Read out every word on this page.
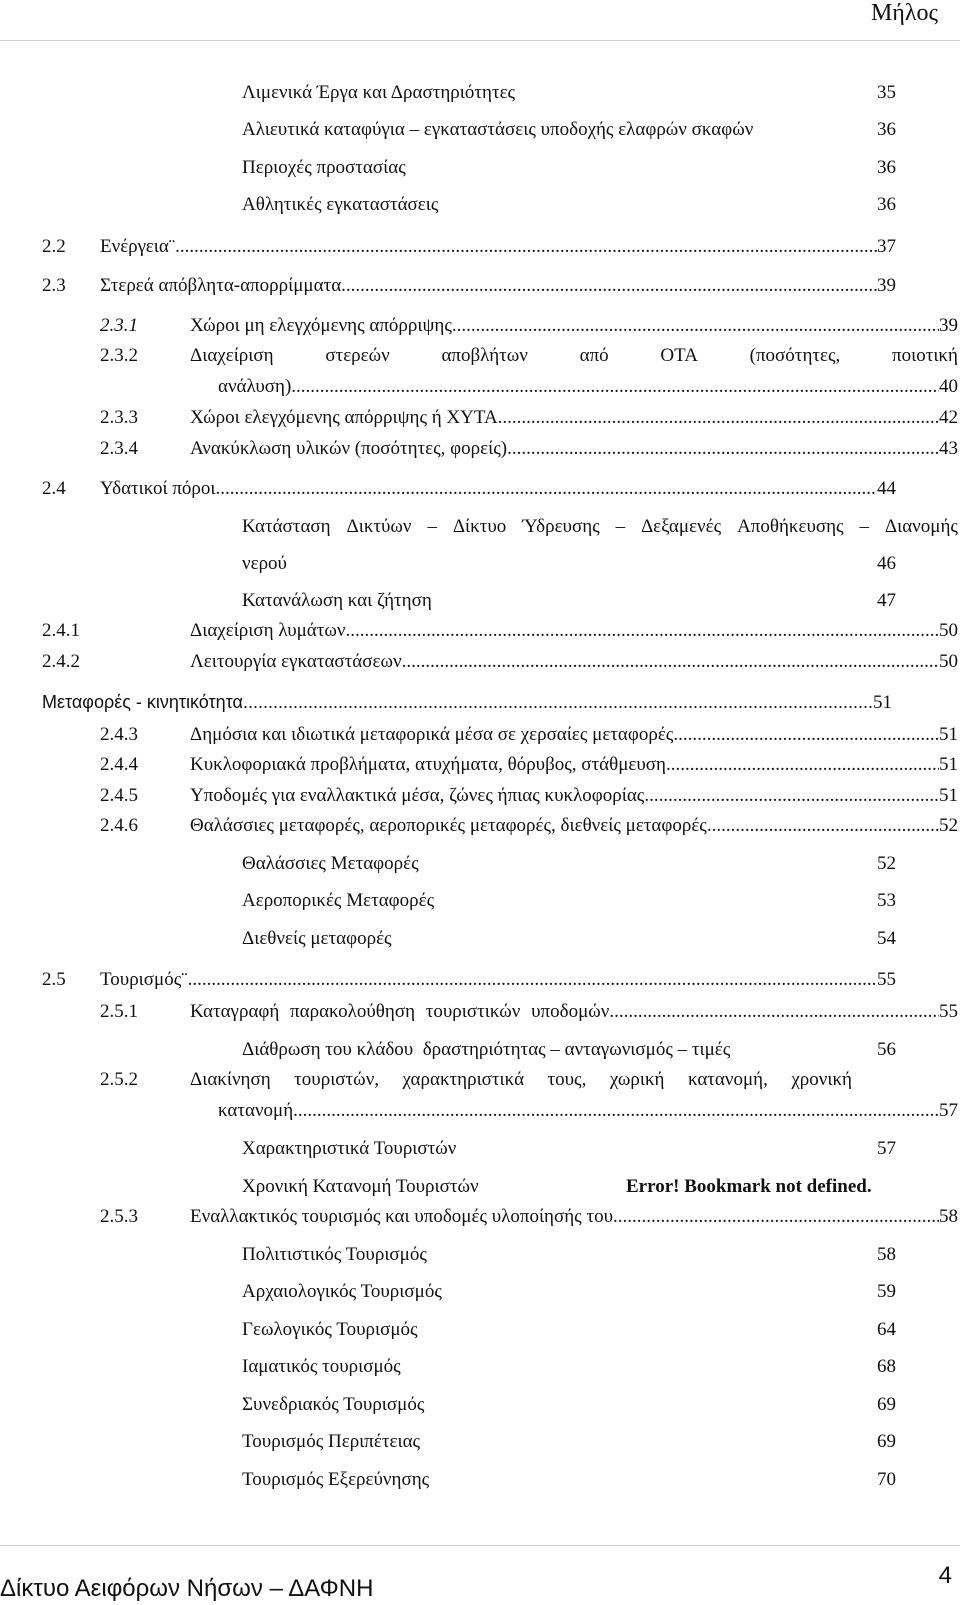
Μήλος
Λιμενικά Έργα και Δραστηριότητες	35
Αλιευτικά καταφύγια – εγκαταστάσεις υποδοχής ελαφρών σκαφών	36
Περιοχές προστασίας	36
Αθλητικές εγκαταστάσεις	36
2.2	Ενέργεια¨ .....	37
2.3	Στερεά απόβλητα-απορρίμματα .....	39
2.3.1	Χώροι μη ελεγχόμενης απόρριψης .....	39
2.3.2	Διαχείριση	στερεών	αποβλήτων	από	ΟΤΑ	(ποσότητες,	ποιοτική
ανάλυση) .....	40
2.3.3	Χώροι ελεγχόμενης απόρριψης ή ΧΥΤΑ .....	42
2.3.4	Ανακύκλωση υλικών (ποσότητες, φορείς) .....	43
2.4	Υδατικοί πόροι .....	44
Κατάσταση Δικτύων – Δίκτυο Ύδρευσης – Δεξαμενές Αποθήκευσης – Διανομής
νερού	46
Κατανάλωση και ζήτηση	47
2.4.1	Διαχείριση λυμάτων .....	50
2.4.2	Λειτουργία εγκαταστάσεων .....	50
Μεταφορές - κινητικότητα .....	51
2.4.3	Δημόσια και ιδιωτικά μεταφορικά μέσα σε χερσαίες μεταφορές .....	51
2.4.4	Κυκλοφοριακά προβλήματα, ατυχήματα, θόρυβος, στάθμευση .....	51
2.4.5	Υποδομές για εναλλακτικά μέσα, ζώνες ήπιας κυκλοφορίας .....	51
2.4.6	Θαλάσσιες μεταφορές, αεροπορικές μεταφορές, διεθνείς μεταφορές .....	52
Θαλάσσιες Μεταφορές	52
Αεροπορικές Μεταφορές	53
Διεθνείς μεταφορές	54
2.5	Τουρισμός¨ .....	55
2.5.1	Καταγραφή παρακολούθηση τουριστικών υποδομών .....	55
Διάθρωση του κλάδου  δραστηριότητας – ανταγωνισμός – τιμές	56
2.5.2	Διακίνηση τουριστών, χαρακτηριστικά τους, χωρική κατανομή, χρονική
κατανομή .....	57
Χαρακτηριστικά Τουριστών	57
Χρονική Κατανομή Τουριστών	Error! Bookmark not defined.
2.5.3	Εναλλακτικός τουρισμός και υποδομές υλοποίησής του .....	58
Πολιτιστικός Τουρισμός	58
Αρχαιολογικός Τουρισμός	59
Γεωλογικός Τουρισμός	64
Ιαματικός τουρισμός	68
Συνεδριακός Τουρισμός	69
Τουρισμός Περιπέτειας	69
Τουρισμός Εξερεύνησης	70
Δίκτυο Αειφόρων Νήσων – ΔΑΦΝΗ	4
